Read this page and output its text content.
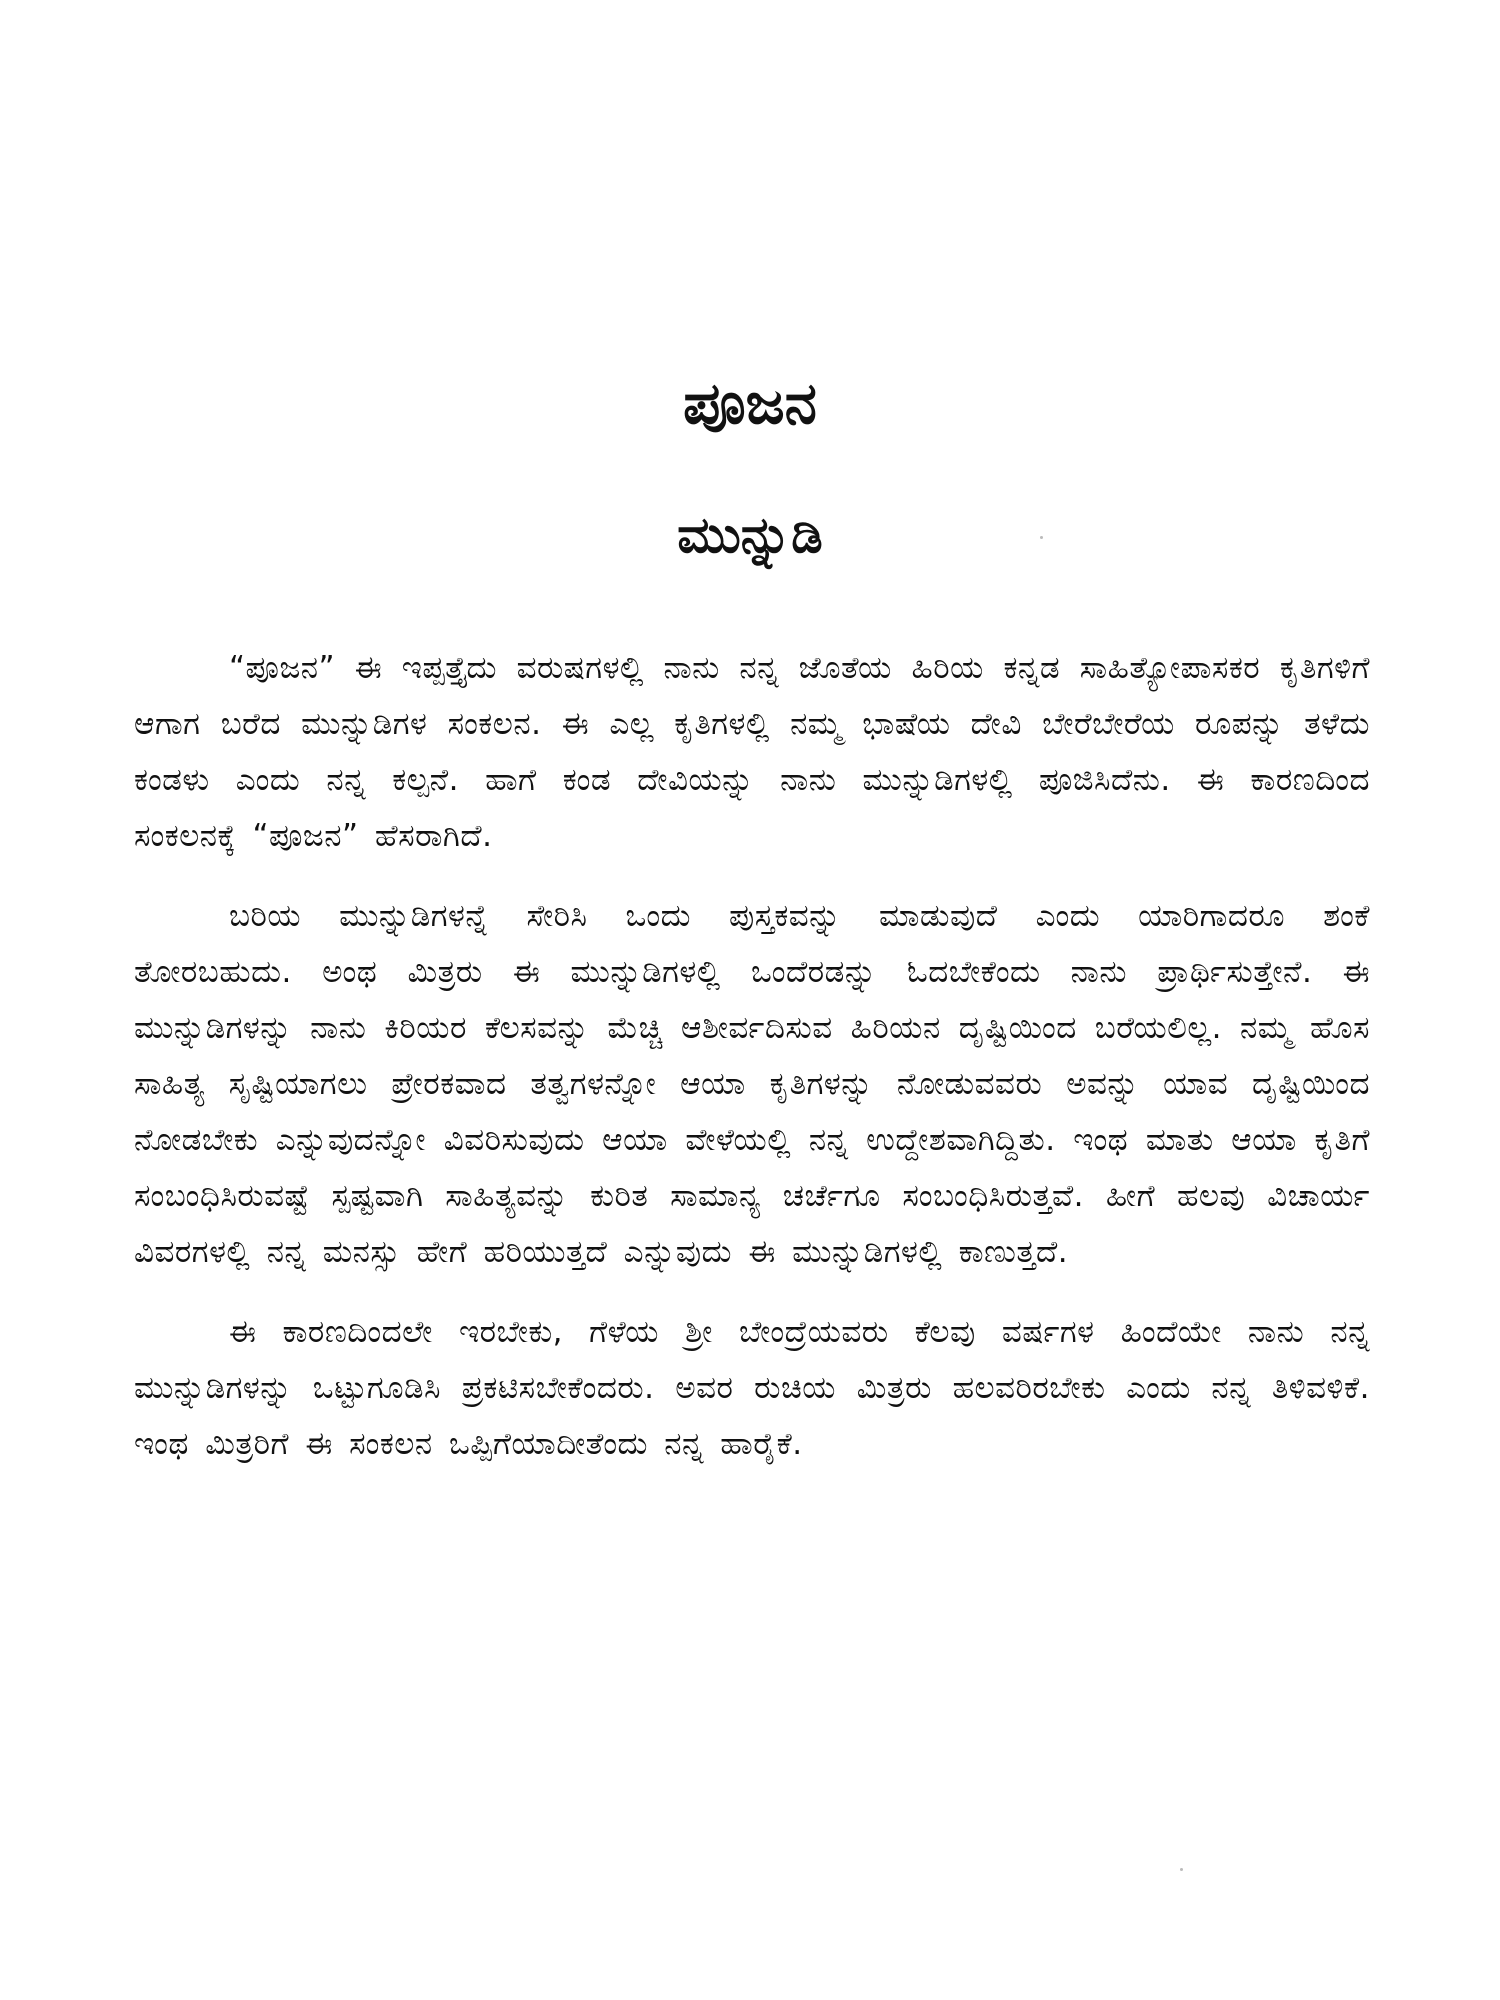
ಪೂಜನ
ಮುನ್ನುಡಿ

“ಪೂಜನ” ಈ ಇಪ್ಪತ್ತೈದು ವರುಷಗಳಲ್ಲಿ ನಾನು ನನ್ನ ಜೊತೆಯ ಹಿರಿಯ ಕನ್ನಡ ಸಾಹಿತ್ಯೋಪಾಸಕರ ಕೃತಿಗಳಿಗೆ ಆಗಾಗ ಬರೆದ ಮುನ್ನುಡಿಗಳ ಸಂಕಲನ. ಈ ಎಲ್ಲ ಕೃತಿಗಳಲ್ಲಿ ನಮ್ಮ ಭಾಷೆಯ ದೇವಿ ಬೇರೆಬೇರೆಯ ರೂಪನ್ನು ತಳೆದು ಕಂಡಳು ಎಂದು ನನ್ನ ಕಲ್ಪನೆ. ಹಾಗೆ ಕಂಡ ದೇವಿಯನ್ನು ನಾನು ಮುನ್ನುಡಿಗಳಲ್ಲಿ ಪೂಜಿಸಿದೆನು. ಈ ಕಾರಣದಿಂದ ಸಂಕಲನಕ್ಕೆ “ಪೂಜನ” ಹೆಸರಾಗಿದೆ.

ಬರಿಯ ಮುನ್ನುಡಿಗಳನ್ನೆ ಸೇರಿಸಿ ಒಂದು ಪುಸ್ತಕವನ್ನು ಮಾಡುವುದೆ ಎಂದು ಯಾರಿಗಾದರೂ ಶಂಕೆ ತೋರಬಹುದು. ಅಂಥ ಮಿತ್ರರು ಈ ಮುನ್ನುಡಿಗಳಲ್ಲಿ ಒಂದೆರಡನ್ನು ಓದಬೇಕೆಂದು ನಾನು ಪ್ರಾರ್ಥಿಸುತ್ತೇನೆ. ಈ ಮುನ್ನುಡಿಗಳನ್ನು ನಾನು ಕಿರಿಯರ ಕೆಲಸವನ್ನು ಮೆಚ್ಚಿ ಆಶೀರ್ವದಿಸುವ ಹಿರಿಯನ ದೃಷ್ಟಿಯಿಂದ ಬರೆಯಲಿಲ್ಲ. ನಮ್ಮ ಹೊಸ ಸಾಹಿತ್ಯ ಸೃಷ್ಟಿಯಾಗಲು ಪ್ರೇರಕವಾದ ತತ್ವಗಳನ್ನೋ ಆಯಾ ಕೃತಿಗಳನ್ನು ನೋಡುವವರು ಅವನ್ನು ಯಾವ ದೃಷ್ಟಿಯಿಂದ ನೋಡಬೇಕು ಎನ್ನುವುದನ್ನೋ ವಿವರಿಸುವುದು ಆಯಾ ವೇಳೆಯಲ್ಲಿ ನನ್ನ ಉದ್ದೇಶವಾಗಿದ್ದಿತು. ಇಂಥ ಮಾತು ಆಯಾ ಕೃತಿಗೆ ಸಂಬಂಧಿಸಿರುವಷ್ಟೆ ಸ್ಪಷ್ಟವಾಗಿ ಸಾಹಿತ್ಯವನ್ನು ಕುರಿತ ಸಾಮಾನ್ಯ ಚರ್ಚೆಗೂ ಸಂಬಂಧಿಸಿರುತ್ತವೆ. ಹೀಗೆ ಹಲವು ವಿಚಾರ್ಯ ವಿವರಗಳಲ್ಲಿ ನನ್ನ ಮನಸ್ಸು ಹೇಗೆ ಹರಿಯುತ್ತದೆ ಎನ್ನುವುದು ಈ ಮುನ್ನುಡಿಗಳಲ್ಲಿ ಕಾಣುತ್ತದೆ.

ಈ ಕಾರಣದಿಂದಲೇ ಇರಬೇಕು, ಗೆಳೆಯ ಶ್ರೀ ಬೇಂದ್ರೆಯವರು ಕೆಲವು ವರ್ಷಗಳ ಹಿಂದೆಯೇ ನಾನು ನನ್ನ ಮುನ್ನುಡಿಗಳನ್ನು ಒಟ್ಟುಗೂಡಿಸಿ ಪ್ರಕಟಿಸಬೇಕೆಂದರು. ಅವರ ರುಚಿಯ ಮಿತ್ರರು ಹಲವರಿರಬೇಕು ಎಂದು ನನ್ನ ತಿಳಿವಳಿಕೆ. ಇಂಥ ಮಿತ್ರರಿಗೆ ಈ ಸಂಕಲನ ಒಪ್ಪಿಗೆಯಾದೀತೆಂದು ನನ್ನ ಹಾರೈಕೆ.
